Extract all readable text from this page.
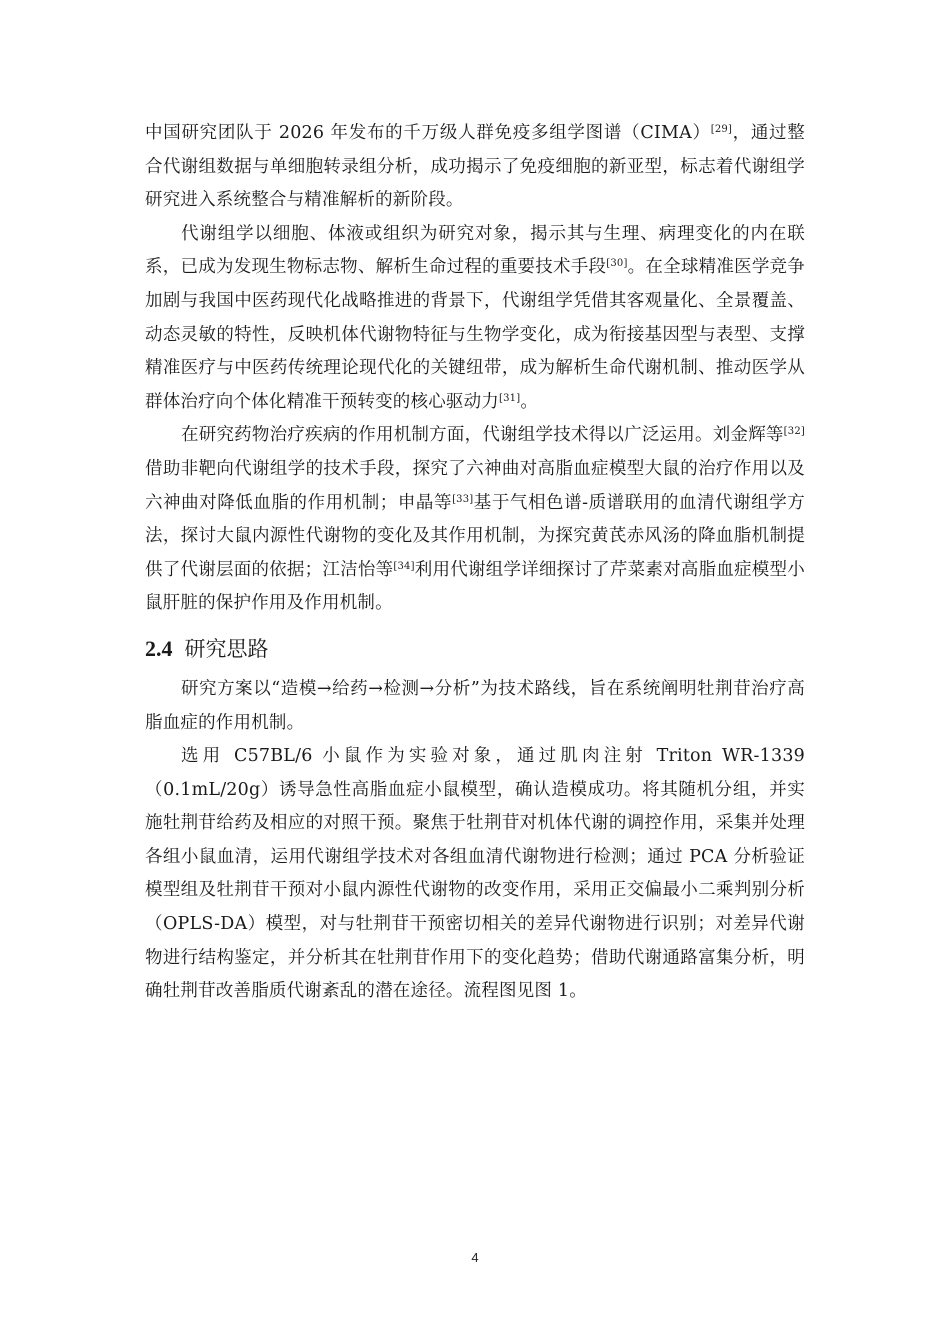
中国研究团队于 2026 年发布的千万级人群免疫多组学图谱（CIMA）[29]，通过整合代谢组数据与单细胞转录组分析，成功揭示了免疫细胞的新亚型，标志着代谢组学研究进入系统整合与精准解析的新阶段。

代谢组学以细胞、体液或组织为研究对象，揭示其与生理、病理变化的内在联系，已成为发现生物标志物、解析生命过程的重要技术手段[30]。在全球精准医学竞争加剧与我国中医药现代化战略推进的背景下，代谢组学凭借其客观量化、全景覆盖、动态灵敏的特性，反映机体代谢物特征与生物学变化，成为衔接基因型与表型、支撑精准医疗与中医药传统理论现代化的关键纽带，成为解析生命代谢机制、推动医学从群体治疗向个体化精准干预转变的核心驱动力[31]。

在研究药物治疗疾病的作用机制方面，代谢组学技术得以广泛运用。刘金辉等[32]借助非靶向代谢组学的技术手段，探究了六神曲对高脂血症模型大鼠的治疗作用以及六神曲对降低血脂的作用机制；申晶等[33]基于气相色谱-质谱联用的血清代谢组学方法，探讨大鼠内源性代谢物的变化及其作用机制，为探究黄芪赤风汤的降血脂机制提供了代谢层面的依据；江洁怡等[34]利用代谢组学详细探讨了芹菜素对高脂血症模型小鼠肝脏的保护作用及作用机制。

2.4 研究思路

研究方案以“造模→给药→检测→分析”为技术路线，旨在系统阐明牡荆苷治疗高脂血症的作用机制。

选用 C57BL/6 小鼠作为实验对象，通过肌肉注射 Triton WR-1339（0.1mL/20g）诱导急性高脂血症小鼠模型，确认造模成功。将其随机分组，并实施牡荆苷给药及相应的对照干预。聚焦于牡荆苷对机体代谢的调控作用，采集并处理各组小鼠血清，运用代谢组学技术对各组血清代谢物进行检测；通过 PCA 分析验证模型组及牡荆苷干预对小鼠内源性代谢物的改变作用，采用正交偏最小二乘判别分析（OPLS-DA）模型，对与牡荆苷干预密切相关的差异代谢物进行识别；对差异代谢物进行结构鉴定，并分析其在牡荆苷作用下的变化趋势；借助代谢通路富集分析，明确牡荆苷改善脂质代谢紊乱的潜在途径。流程图见图 1。

4
